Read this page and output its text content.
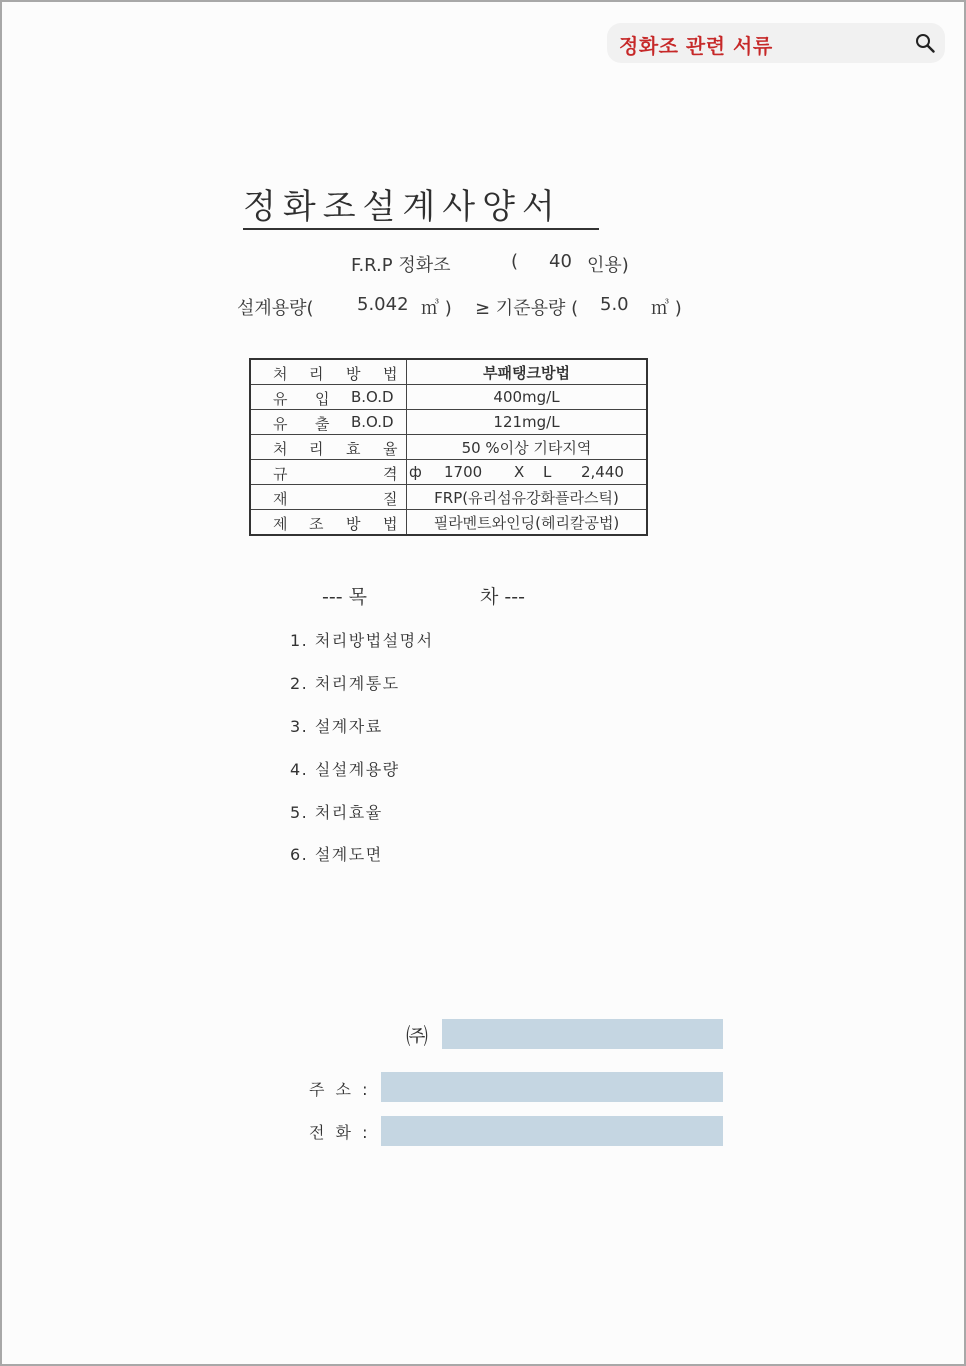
정화조 관련 서류
정화조설계사양서
F.R.P 정화조	( 40 인용)
설계용량( 5.042 ㎥ ) ≥ 기준용량 ( 5.0 ㎥ )
처 리 방 법	부패탱크방법

유 입 B.O.D	400mg/L

유 출 B.O.D	121mg/L

처 리 효 율	50 %이상 기타지역

규 격	ф 1700 X L 2,440

재 질	FRP(유리섬유강화플라스틱)

제 조 방 법	필라멘트와인딩(헤리칼공법)
--- 목	차 ---
1. 처리방법설명서
2. 처리계통도
3. 설계자료
4. 실설계용량
5. 처리효율
6. 설계도면
㈜
주 소 :
전 화 :
